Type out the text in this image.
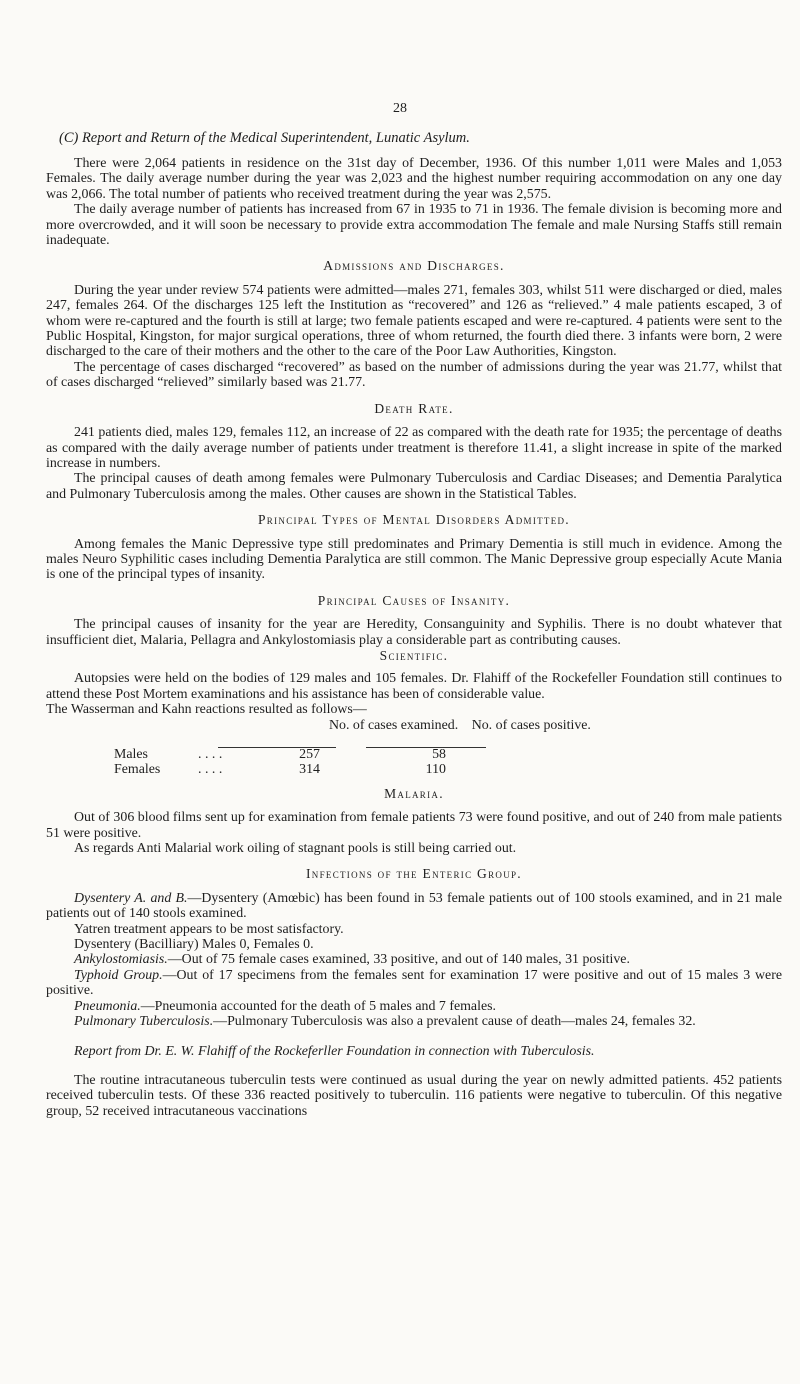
28
(C) Report and Return of the Medical Superintendent, Lunatic Asylum.

There were 2,064 patients in residence on the 31st day of December, 1936. Of this number 1,011 were Males and 1,053 Females. The daily average number during the year was 2,023 and the highest number requiring accommodation on any one day was 2,066. The total number of patients who received treatment during the year was 2,575.

The daily average number of patients has increased from 67 in 1935 to 71 in 1936. The female division is becoming more and more overcrowded, and it will soon be necessary to provide extra accommodation The female and male Nursing Staffs still remain inadequate.

Admissions and Discharges.

During the year under review 574 patients were admitted—males 271, females 303, whilst 511 were discharged or died, males 247, females 264. Of the discharges 125 left the Institution as “recovered” and 126 as “relieved.” 4 male patients escaped, 3 of whom were re-captured and the fourth is still at large; two female patients escaped and were re-captured. 4 patients were sent to the Public Hospital, Kingston, for major surgical operations, three of whom returned, the fourth died there. 3 infants were born, 2 were discharged to the care of their mothers and the other to the care of the Poor Law Authorities, Kingston.

The percentage of cases discharged “recovered” as based on the number of admissions during the year was 21.77, whilst that of cases discharged “relieved” similarly based was 21.77.

Death Rate.

241 patients died, males 129, females 112, an increase of 22 as compared with the death rate for 1935; the percentage of deaths as compared with the daily average number of patients under treatment is therefore 11.41, a slight increase in spite of the marked increase in numbers.

The principal causes of death among females were Pulmonary Tuberculosis and Cardiac Diseases; and Dementia Paralytica and Pulmonary Tuberculosis among the males. Other causes are shown in the Statistical Tables.

Principal Types of Mental Disorders Admitted.

Among females the Manic Depressive type still predominates and Primary Dementia is still much in evidence. Among the males Neuro Syphilitic cases including Dementia Paralytica are still common. The Manic Depressive group especially Acute Mania is one of the principal types of insanity.

Principal Causes of Insanity.

The principal causes of insanity for the year are Heredity, Consanguinity and Syphilis. There is no doubt whatever that insufficient diet, Malaria, Pellagra and Ankylostomiasis play a considerable part as contributing causes.

Scientific.

Autopsies were held on the bodies of 129 males and 105 females. Dr. Flahiff of the Rockefeller Foundation still continues to attend these Post Mortem examinations and his assistance has been of considerable value.

The Wasserman and Kahn reactions resulted as follows—

No. of cases examined. No. of cases positive.
Males	. . . .	257	58
Females	. . . .	314	110
Malaria.

Out of 306 blood films sent up for examination from female patients 73 were found positive, and out of 240 from male patients 51 were positive.

As regards Anti Malarial work oiling of stagnant pools is still being carried out.

Infections of the Enteric Group.

Dysentery A. and B.—Dysentery (Amœbic) has been found in 53 female patients out of 100 stools examined, and in 21 male patients out of 140 stools examined.

Yatren treatment appears to be most satisfactory.

Dysentery (Bacilliary) Males 0, Females 0.

Ankylostomiasis.—Out of 75 female cases examined, 33 positive, and out of 140 males, 31 positive.

Typhoid Group.—Out of 17 specimens from the females sent for examination 17 were positive and out of 15 males 3 were positive.

Pneumonia.—Pneumonia accounted for the death of 5 males and 7 females.

Pulmonary Tuberculosis.—Pulmonary Tuberculosis was also a prevalent cause of death—males 24, females 32.

Report from Dr. E. W. Flahiff of the Rockeferller Foundation in connection with Tuberculosis.

The routine intracutaneous tuberculin tests were continued as usual during the year on newly admitted patients. 452 patients received tuberculin tests. Of these 336 reacted positively to tuberculin. 116 patients were negative to tuberculin. Of this negative group, 52 received intracutaneous vaccinations
